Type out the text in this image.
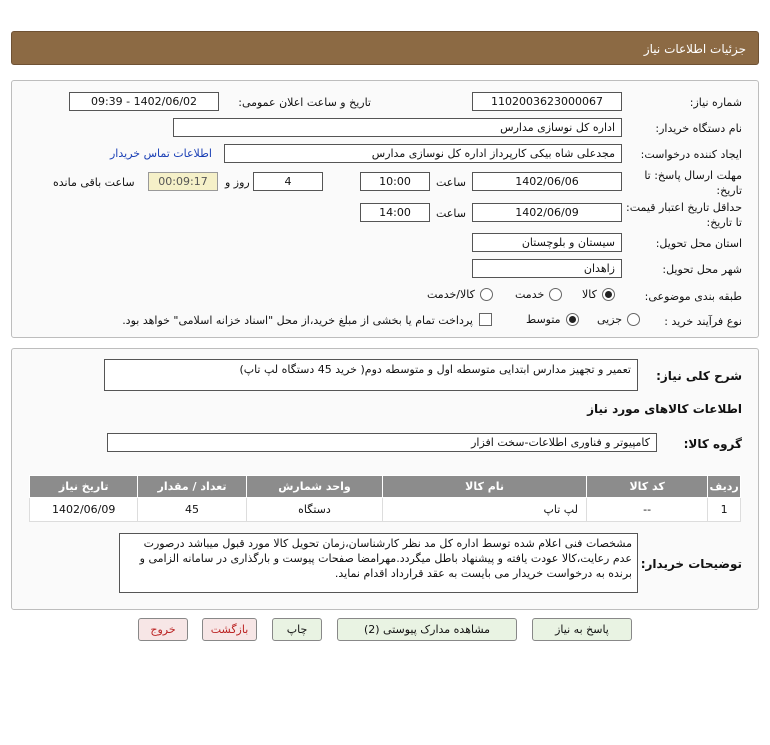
جزئیات اطلاعات نیاز
شماره نیاز:
1102003623000067
تاریخ و ساعت اعلان عمومی:
1402/06/02 - 09:39
نام دستگاه خریدار:
اداره کل نوسازی مدارس
ایجاد کننده درخواست:
مجدعلی شاه بیکی کارپرداز اداره کل نوسازی مدارس
اطلاعات تماس خریدار
مهلت ارسال پاسخ: تا تاریخ:
1402/06/06
ساعت
10:00
4
روز و
00:09:17
ساعت باقی مانده
حداقل تاریخ اعتبار قیمت: تا تاریخ:
1402/06/09
ساعت
14:00
استان محل تحویل:
سیستان و بلوچستان
شهر محل تحویل:
زاهدان
طبقه بندی موضوعی:
کالا
خدمت
کالا/خدمت
نوع فرآیند خرید :
جزیی
متوسط
پرداخت تمام یا بخشی از مبلغ خرید،از محل "اسناد خزانه اسلامی" خواهد بود.
شرح کلی نیاز:
تعمیر و تجهیز مدارس ابتدایی متوسطه اول و متوسطه دوم( خرید 45 دستگاه لپ تاپ)
اطلاعات کالاهای مورد نیاز
گروه کالا:
کامپیوتر و فناوری اطلاعات-سخت افزار
ردیف	کد کالا	نام کالا	واحد شمارش	تعداد / مقدار	تاریخ نیاز
1	--	لپ تاپ	دستگاه	45	1402/06/09
توضیحات خریدار:
مشخصات فنی اعلام شده توسط اداره کل مد نظر کارشناسان،زمان تحویل کالا مورد قبول میباشد درصورت عدم رعایت،کالا عودت یافته و پیشنهاد باطل میگردد.مهرامضا صفحات پیوست و بارگذاری در سامانه الزامی و برنده به درخواست خریدار می بایست به عقد قرارداد اقدام نماید.
پاسخ به نیاز
مشاهده مدارک پیوستی (2)
چاپ
بازگشت
خروج
